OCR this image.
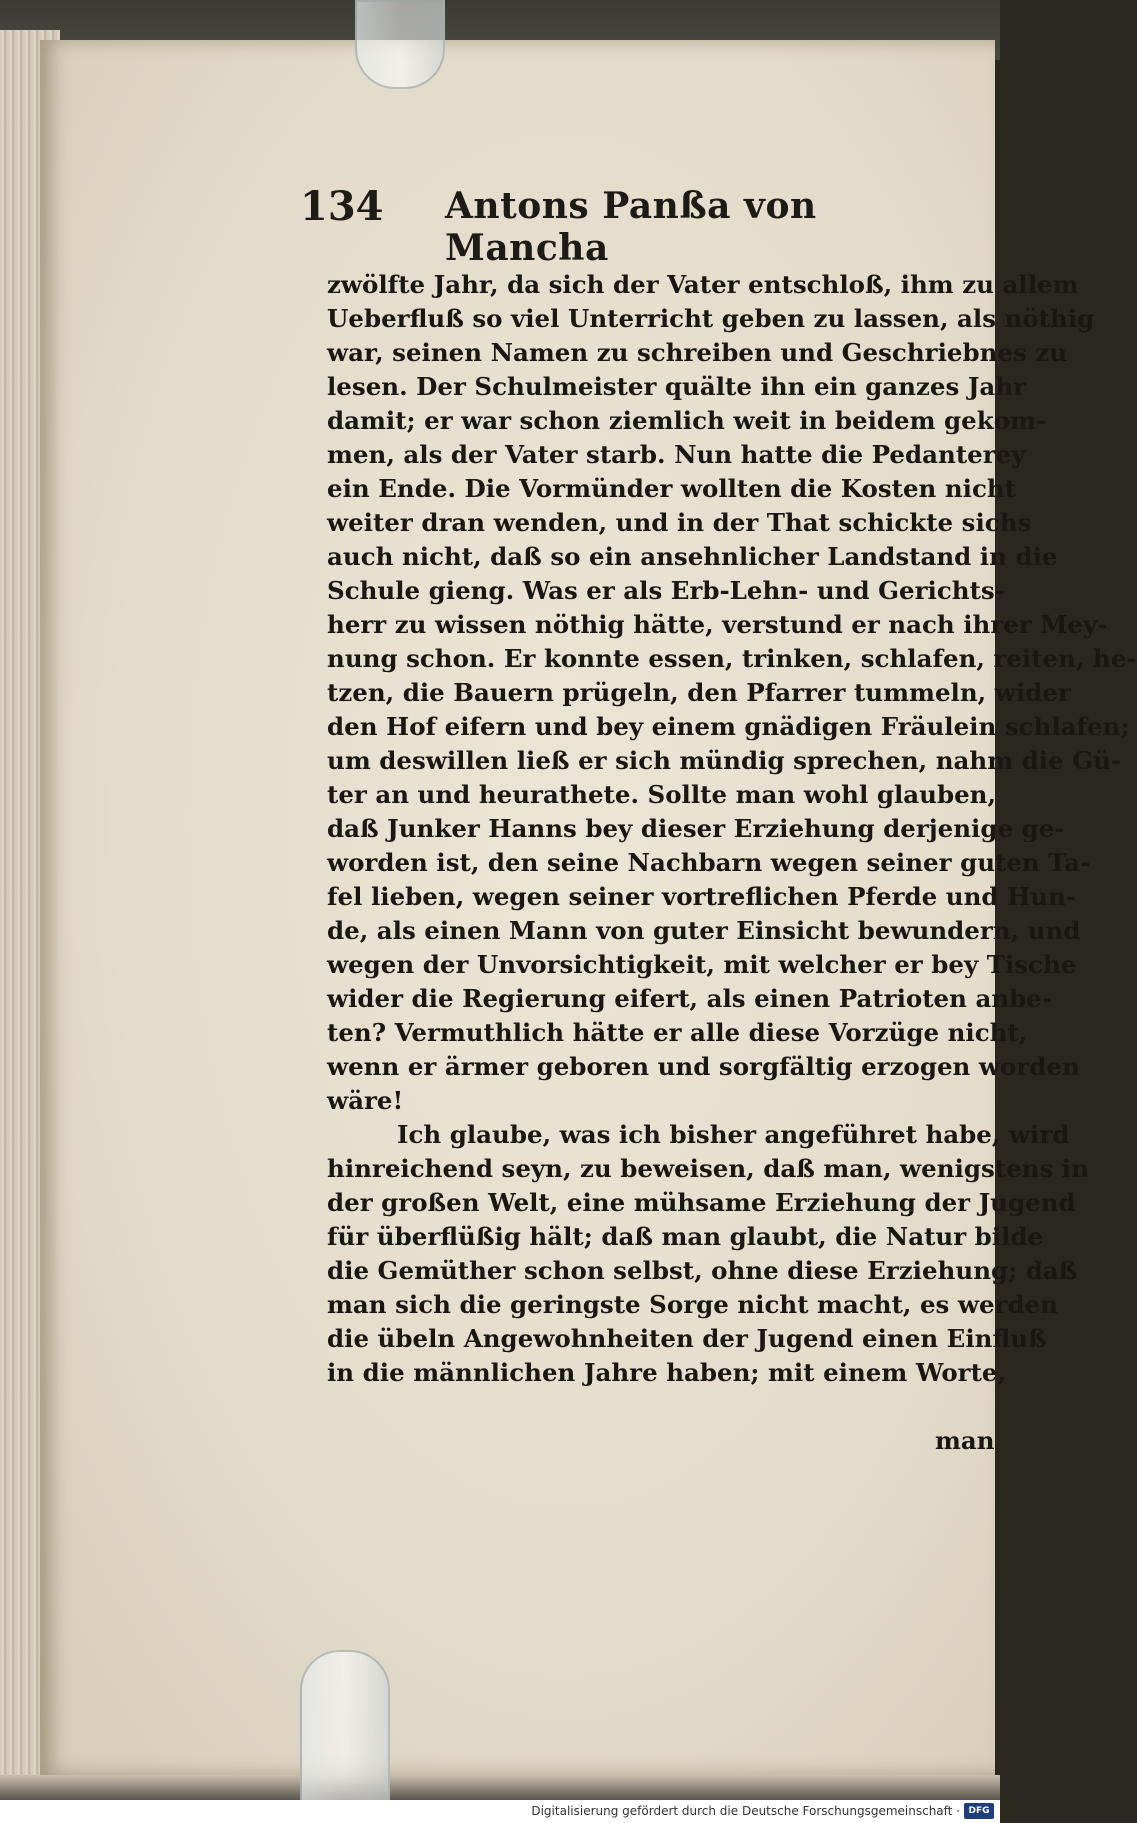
134 Antons Panßa von Mancha
zwölfte Jahr, da sich der Vater entschloß, ihm zu allem
Ueberfluß so viel Unterricht geben zu lassen, als nöthig
war, seinen Namen zu schreiben und Geschriebnes zu
lesen. Der Schulmeister quälte ihn ein ganzes Jahr
damit; er war schon ziemlich weit in beidem gekom-
men, als der Vater starb. Nun hatte die Pedanterey
ein Ende. Die Vormünder wollten die Kosten nicht
weiter dran wenden, und in der That schickte sichs
auch nicht, daß so ein ansehnlicher Landstand in die
Schule gieng. Was er als Erb-Lehn- und Gerichts-
herr zu wissen nöthig hätte, verstund er nach ihrer Mey-
nung schon. Er konnte essen, trinken, schlafen, reiten, he-
tzen, die Bauern prügeln, den Pfarrer tummeln, wider
den Hof eifern und bey einem gnädigen Fräulein schlafen;
um deswillen ließ er sich mündig sprechen, nahm die Gü-
ter an und heurathete. Sollte man wohl glauben,
daß Junker Hanns bey dieser Erziehung derjenige ge-
worden ist, den seine Nachbarn wegen seiner guten Ta-
fel lieben, wegen seiner vortreflichen Pferde und Hun-
de, als einen Mann von guter Einsicht bewundern, und
wegen der Unvorsichtigkeit, mit welcher er bey Tische
wider die Regierung eifert, als einen Patrioten anbe-
ten? Vermuthlich hätte er alle diese Vorzüge nicht,
wenn er ärmer geboren und sorgfältig erzogen worden
wäre!
Ich glaube, was ich bisher angeführet habe, wird
hinreichend seyn, zu beweisen, daß man, wenigstens in
der großen Welt, eine mühsame Erziehung der Jugend
für überflüßig hält; daß man glaubt, die Natur bilde
die Gemüther schon selbst, ohne diese Erziehung; daß
man sich die geringste Sorge nicht macht, es werden
die übeln Angewohnheiten der Jugend einen Einfluß
in die männlichen Jahre haben; mit einem Worte,
man
Digitalisierung gefördert durch die Deutsche Forschungsgemeinschaft · DFG
